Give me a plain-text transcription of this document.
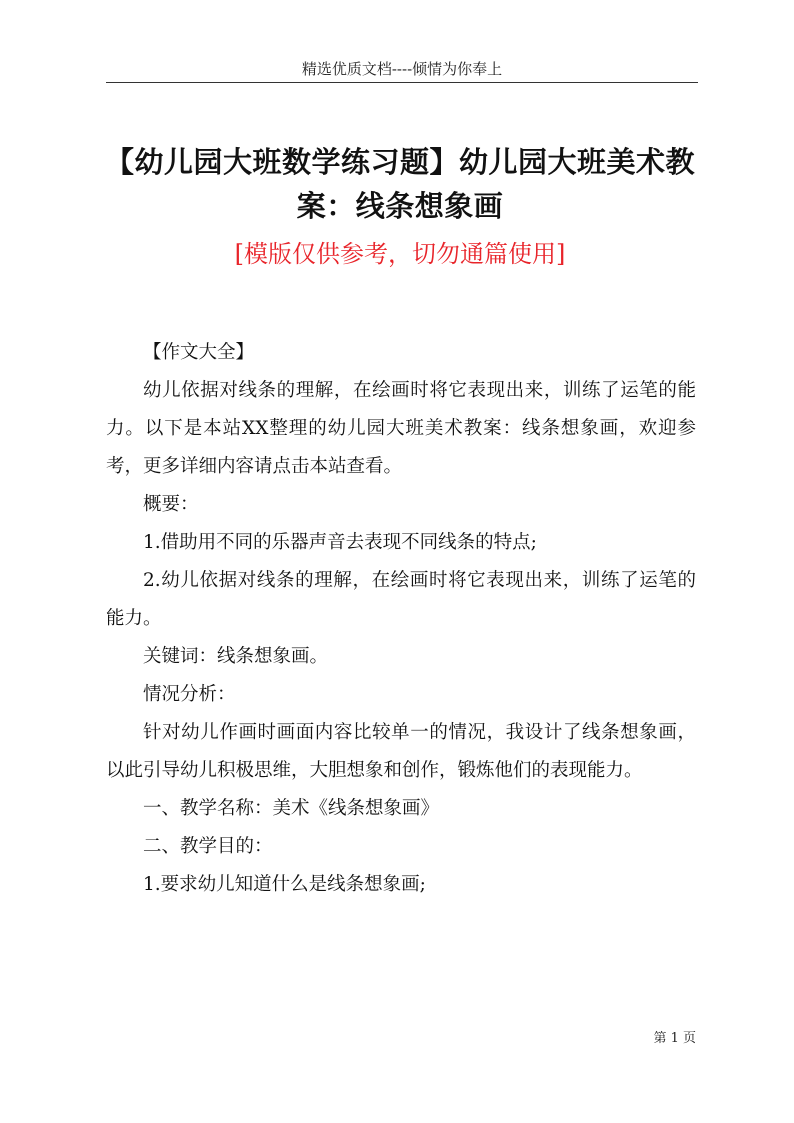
精选优质文档----倾情为你奉上
【幼儿园大班数学练习题】幼儿园大班美术教案：线条想象画
[模版仅供参考，切勿通篇使用]

【作文大全】

幼儿依据对线条的理解，在绘画时将它表现出来，训练了运笔的能力。以下是本站XX整理的幼儿园大班美术教案：线条想象画，欢迎参考，更多详细内容请点击本站查看。

概要：

1.借助用不同的乐器声音去表现不同线条的特点;

2.幼儿依据对线条的理解，在绘画时将它表现出来，训练了运笔的能力。

关键词：线条想象画。

情况分析：

针对幼儿作画时画面内容比较单一的情况，我设计了线条想象画，以此引导幼儿积极思维，大胆想象和创作，锻炼他们的表现能力。

一、教学名称：美术《线条想象画》

二、教学目的：

1.要求幼儿知道什么是线条想象画;

第 1 页
